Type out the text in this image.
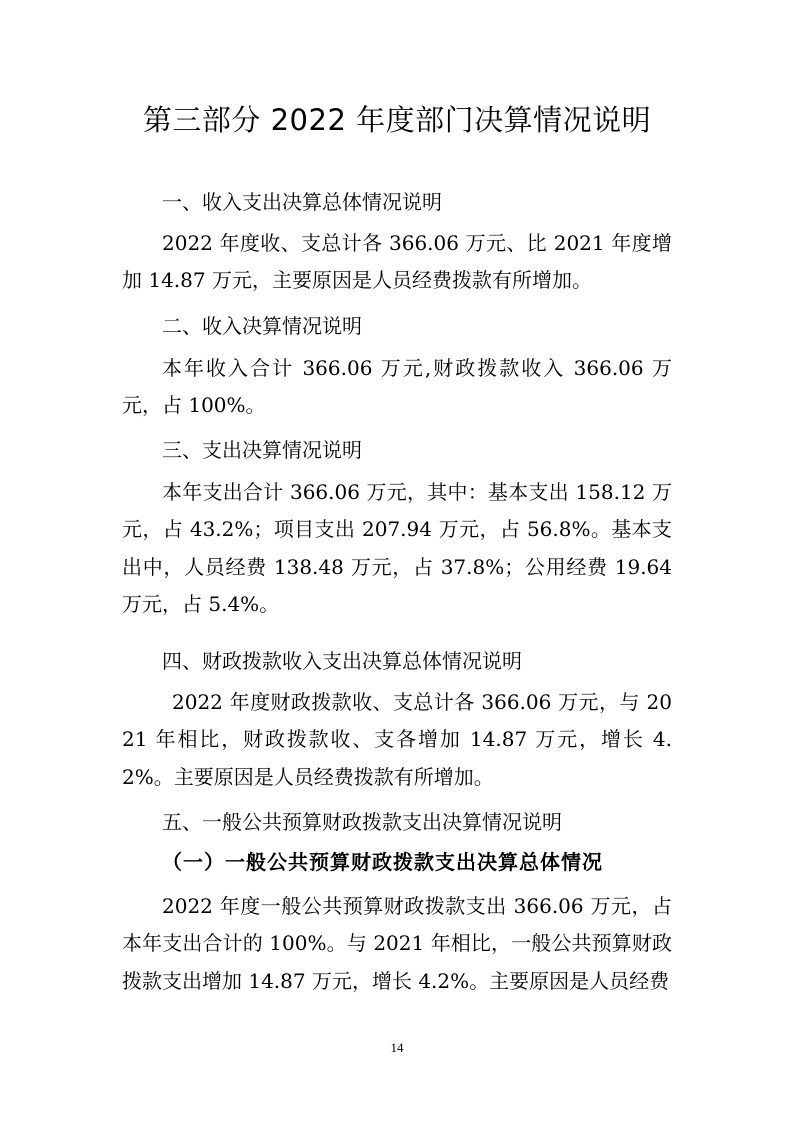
第三部分 2022 年度部门决算情况说明
一、收入支出决算总体情况说明
2022 年度收、支总计各 366.06 万元、比 2021 年度增加 14.87 万元，主要原因是人员经费拨款有所增加。
二、收入决算情况说明
本年收入合计 366.06 万元,财政拨款收入 366.06 万元，占 100%。
三、支出决算情况说明
本年支出合计 366.06 万元，其中：基本支出 158.12 万元，占 43.2%；项目支出 207.94 万元，占 56.8%。基本支出中，人员经费 138.48 万元，占 37.8%；公用经费 19.64 万元，占 5.4%。
四、财政拨款收入支出决算总体情况说明
2022 年度财政拨款收、支总计各 366.06 万元，与 2021 年相比，财政拨款收、支各增加 14.87 万元，增长 4.2%。主要原因是人员经费拨款有所增加。
五、一般公共预算财政拨款支出决算情况说明
（一）一般公共预算财政拨款支出决算总体情况
2022 年度一般公共预算财政拨款支出 366.06 万元，占本年支出合计的 100%。与 2021 年相比，一般公共预算财政拨款支出增加 14.87 万元，增长 4.2%。主要原因是人员经费
14
